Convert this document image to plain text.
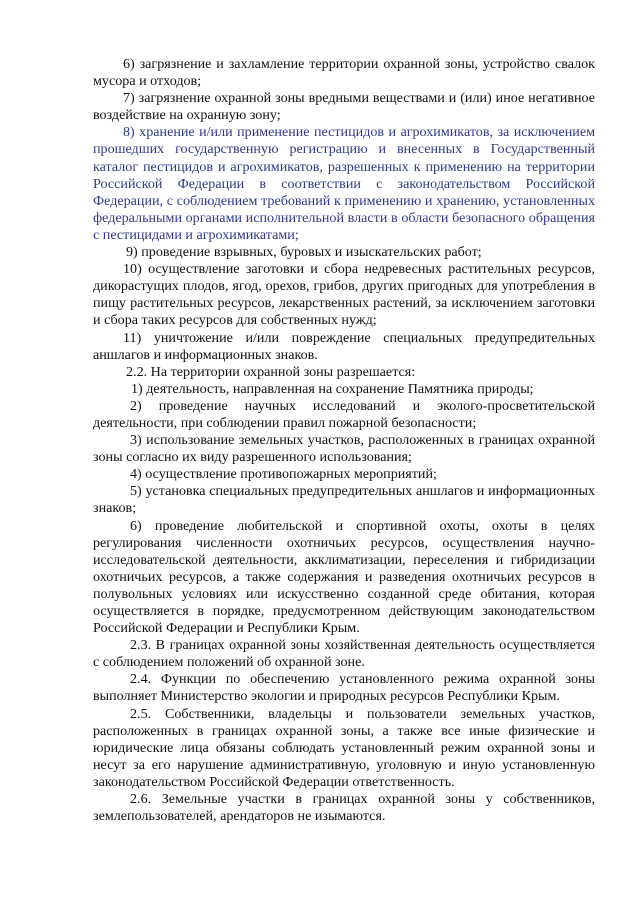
6) загрязнение и захламление территории охранной зоны, устройство свалок мусора и отходов;

7) загрязнение охранной зоны вредными веществами и (или) иное негативное воздействие на охранную зону;

8) хранение и/или применение пестицидов и агрохимикатов, за исключением прошедших государственную регистрацию и внесенных в Государственный каталог пестицидов и агрохимикатов, разрешенных к применению на территории Российской Федерации в соответствии с законодательством Российской Федерации, с соблюдением требований к применению и хранению, установленных федеральными органами исполнительной власти в области безопасного обращения с пестицидами и агрохимикатами;

9) проведение взрывных, буровых и изыскательских работ;

10) осуществление заготовки и сбора недревесных растительных ресурсов, дикорастущих плодов, ягод, орехов, грибов, других пригодных для употребления в пищу растительных ресурсов, лекарственных растений, за исключением заготовки и сбора таких ресурсов для собственных нужд;

11) уничтожение и/или повреждение специальных предупредительных аншлагов и информационных знаков.

2.2. На территории охранной зоны разрешается:

1) деятельность, направленная на сохранение Памятника природы;

2) проведение научных исследований и эколого-просветительской деятельности, при соблюдении правил пожарной безопасности;

3) использование земельных участков, расположенных в границах охранной зоны согласно их виду разрешенного использования;

4) осуществление противопожарных мероприятий;

5) установка специальных предупредительных аншлагов и информационных знаков;

6) проведение любительской и спортивной охоты, охоты в целях регулирования численности охотничьих ресурсов, осуществления научно-исследовательской деятельности, акклиматизации, переселения и гибридизации охотничьих ресурсов, а также содержания и разведения охотничьих ресурсов в полувольных условиях или искусственно созданной среде обитания, которая осуществляется в порядке, предусмотренном действующим законодательством Российской Федерации и Республики Крым.

2.3. В границах охранной зоны хозяйственная деятельность осуществляется с соблюдением положений об охранной зоне.

2.4. Функции по обеспечению установленного режима охранной зоны выполняет Министерство экологии и природных ресурсов Республики Крым.

2.5. Собственники, владельцы и пользователи земельных участков, расположенных в границах охранной зоны, а также все иные физические и юридические лица обязаны соблюдать установленный режим охранной зоны и несут за его нарушение административную, уголовную и иную установленную законодательством Российской Федерации ответственность.

2.6. Земельные участки в границах охранной зоны у собственников, землепользователей, арендаторов не изымаются.
